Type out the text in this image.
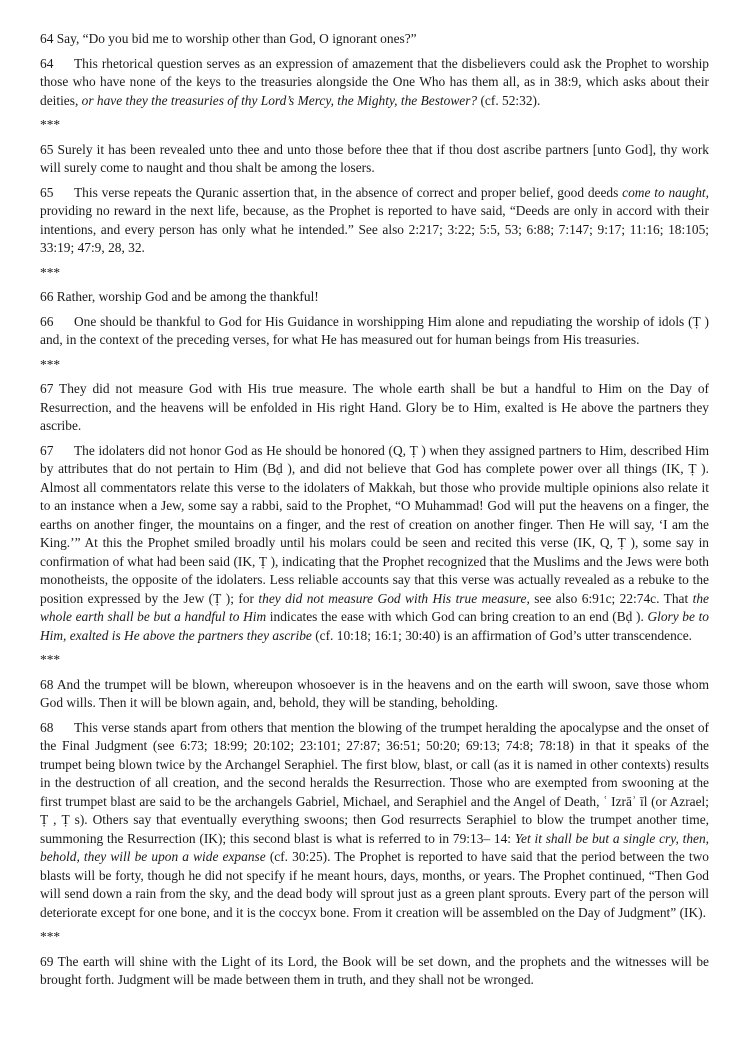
64 Say, “Do you bid me to worship other than God, O ignorant ones?”

64 This rhetorical question serves as an expression of amazement that the disbelievers could ask the Prophet to worship those who have none of the keys to the treasuries alongside the One Who has them all, as in 38:9, which asks about their deities, or have they the treasuries of thy Lord’s Mercy, the Mighty, the Bestower? (cf. 52:32).

***

65 Surely it has been revealed unto thee and unto those before thee that if thou dost ascribe partners [unto God], thy work will surely come to naught and thou shalt be among the losers.

65 This verse repeats the Quranic assertion that, in the absence of correct and proper belief, good deeds come to naught, providing no reward in the next life, because, as the Prophet is reported to have said, “Deeds are only in accord with their intentions, and every person has only what he intended.” See also 2:217; 3:22; 5:5, 53; 6:88; 7:147; 9:17; 11:16; 18:105; 33:19; 47:9, 28, 32.

***

66 Rather, worship God and be among the thankful!

66 One should be thankful to God for His Guidance in worshipping Him alone and repudiating the worship of idols (Ṭ ) and, in the context of the preceding verses, for what He has measured out for human beings from His treasuries.

***

67 They did not measure God with His true measure. The whole earth shall be but a handful to Him on the Day of Resurrection, and the heavens will be enfolded in His right Hand. Glory be to Him, exalted is He above the partners they ascribe.

67 The idolaters did not honor God as He should be honored (Q, Ṭ ) when they assigned partners to Him, described Him by attributes that do not pertain to Him (Bḍ ), and did not believe that God has complete power over all things (IK, Ṭ ). Almost all commentators relate this verse to the idolaters of Makkah, but those who provide multiple opinions also relate it to an instance when a Jew, some say a rabbi, said to the Prophet, “O Muhammad! God will put the heavens on a finger, the earths on another finger, the mountains on a finger, and the rest of creation on another finger. Then He will say, ‘I am the King.’” At this the Prophet smiled broadly until his molars could be seen and recited this verse (IK, Q, Ṭ ), some say in confirmation of what had been said (IK, Ṭ ), indicating that the Prophet recognized that the Muslims and the Jews were both monotheists, the opposite of the idolaters. Less reliable accounts say that this verse was actually revealed as a rebuke to the position expressed by the Jew (Ṭ ); for they did not measure God with His true measure, see also 6:91c; 22:74c. That the whole earth shall be but a handful to Him indicates the ease with which God can bring creation to an end (Bḍ ). Glory be to Him, exalted is He above the partners they ascribe (cf. 10:18; 16:1; 30:40) is an affirmation of God’s utter transcendence.

***

68 And the trumpet will be blown, whereupon whosoever is in the heavens and on the earth will swoon, save those whom God wills. Then it will be blown again, and, behold, they will be standing, beholding.

68 This verse stands apart from others that mention the blowing of the trumpet heralding the apocalypse and the onset of the Final Judgment (see 6:73; 18:99; 20:102; 23:101; 27:87; 36:51; 50:20; 69:13; 74:8; 78:18) in that it speaks of the trumpet being blown twice by the Archangel Seraphiel. The first blow, blast, or call (as it is named in other contexts) results in the destruction of all creation, and the second heralds the Resurrection. Those who are exempted from swooning at the first trumpet blast are said to be the archangels Gabriel, Michael, and Seraphiel and the Angel of Death, ʿ Izrāʾ īl (or Azrael; Ṭ , Ṭ s). Others say that eventually everything swoons; then God resurrects Seraphiel to blow the trumpet another time, summoning the Resurrection (IK); this second blast is what is referred to in 79:13– 14: Yet it shall be but a single cry, then, behold, they will be upon a wide expanse (cf. 30:25). The Prophet is reported to have said that the period between the two blasts will be forty, though he did not specify if he meant hours, days, months, or years. The Prophet continued, “Then God will send down a rain from the sky, and the dead body will sprout just as a green plant sprouts. Every part of the person will deteriorate except for one bone, and it is the coccyx bone. From it creation will be assembled on the Day of Judgment” (IK).

***

69 The earth will shine with the Light of its Lord, the Book will be set down, and the prophets and the witnesses will be brought forth. Judgment will be made between them in truth, and they shall not be wronged.
